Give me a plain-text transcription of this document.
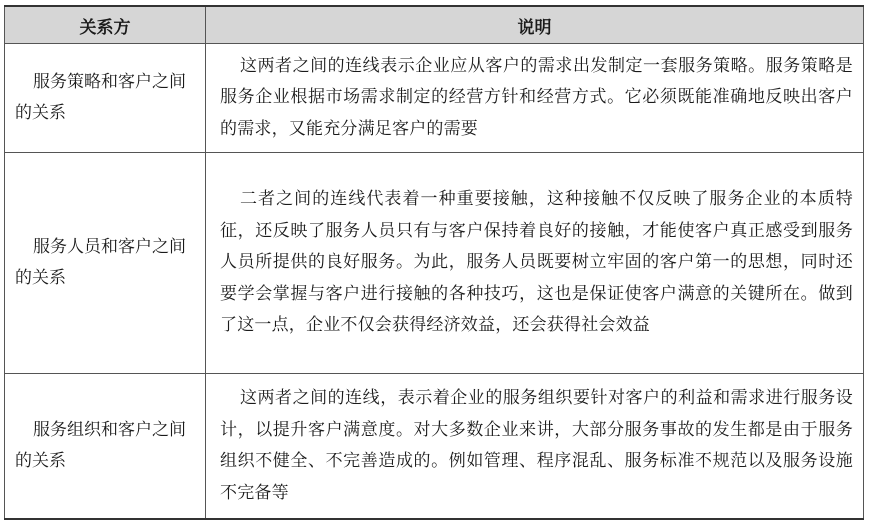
关系方	说明
服务策略和客户之间的关系	这两者之间的连线表示企业应从客户的需求出发制定一套服务策略。服务策略是服务企业根据市场需求制定的经营方针和经营方式。它必须既能准确地反映出客户的需求，又能充分满足客户的需要
服务人员和客户之间的关系	二者之间的连线代表着一种重要接触，这种接触不仅反映了服务企业的本质特征，还反映了服务人员只有与客户保持着良好的接触，才能使客户真正感受到服务人员所提供的良好服务。为此，服务人员既要树立牢固的客户第一的思想，同时还要学会掌握与客户进行接触的各种技巧，这也是保证使客户满意的关键所在。做到了这一点，企业不仅会获得经济效益，还会获得社会效益
服务组织和客户之间的关系	这两者之间的连线，表示着企业的服务组织要针对客户的利益和需求进行服务设计，以提升客户满意度。对大多数企业来讲，大部分服务事故的发生都是由于服务组织不健全、不完善造成的。例如管理、程序混乱、服务标准不规范以及服务设施不完备等
